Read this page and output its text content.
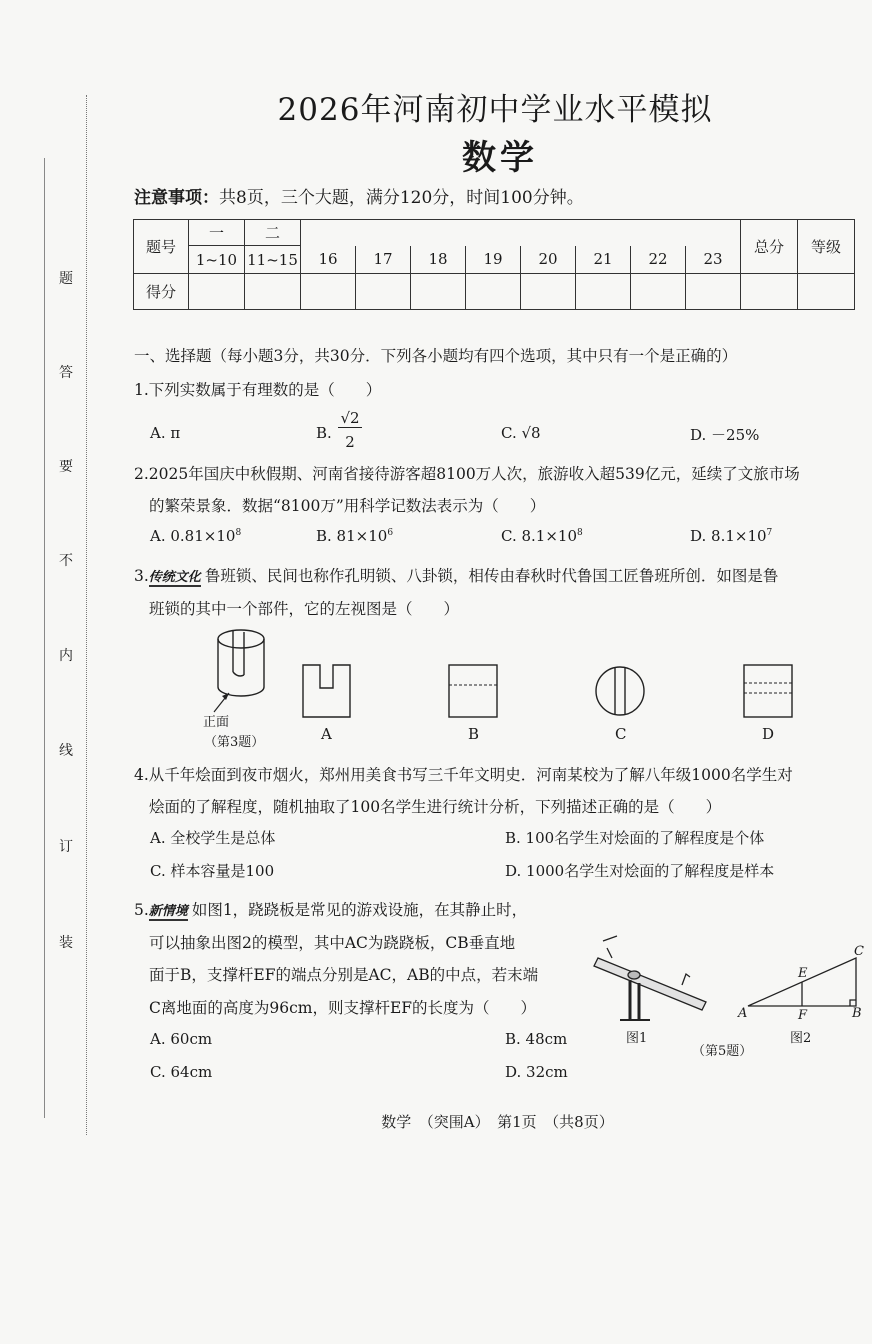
题
答
要
不
内
线
订
装
2026年河南初中学业水平模拟
数学
注意事项：共8页，三个大题，满分120分，时间100分钟。
题号	一	二									总分	等级
	1~10	11~15	16	17	18	19	20	21	22	23		
得分												
一、选择题（每小题3分，共30分．下列各小题均有四个选项，其中只有一个是正确的）
1.下列实数属于有理数的是（　　）
A. π	B.
√2
2	C. √8	D. －25%
2.2025年国庆中秋假期、河南省接待游客超8100万人次，旅游收入超539亿元，延续了文旅市场
的繁荣景象．数据“8100万”用科学记数法表示为（　　）
A. $0.81\times 10^8$	B. $81\times 10^6$	C. $8.1\times 10^8$	D. $8.1\times 10^7$
3.传统文化 鲁班锁、民间也称作孔明锁、八卦锁，相传由春秋时代鲁国工匠鲁班所创．如图是鲁
班锁的其中一个部件，它的左视图是（　　）
正面
（第3题）	A	B	C	D
4.从千年烩面到夜市烟火，郑州用美食书写三千年文明史．河南某校为了解八年级1000名学生对
烩面的了解程度，随机抽取了100名学生进行统计分析，下列描述正确的是（　　）
A. 全校学生是总体	B. 100名学生对烩面的了解程度是个体
C. 样本容量是100	D. 1000名学生对烩面的了解程度是样本
5.新情境 如图1，跷跷板是常见的游戏设施，在其静止时，
可以抽象出图2的模型，其中AC为跷跷板，CB垂直地
面于B，支撑杆EF的端点分别是AC，AB的中点，若末端
C离地面的高度为96cm，则支撑杆EF的长度为（　　）
A. 60cm	B. 48cm
C. 64cm	D. 32cm
A	B
C
E
F
图1	图2
（第5题）
数学　（突围A）　第1页　（共8页）
